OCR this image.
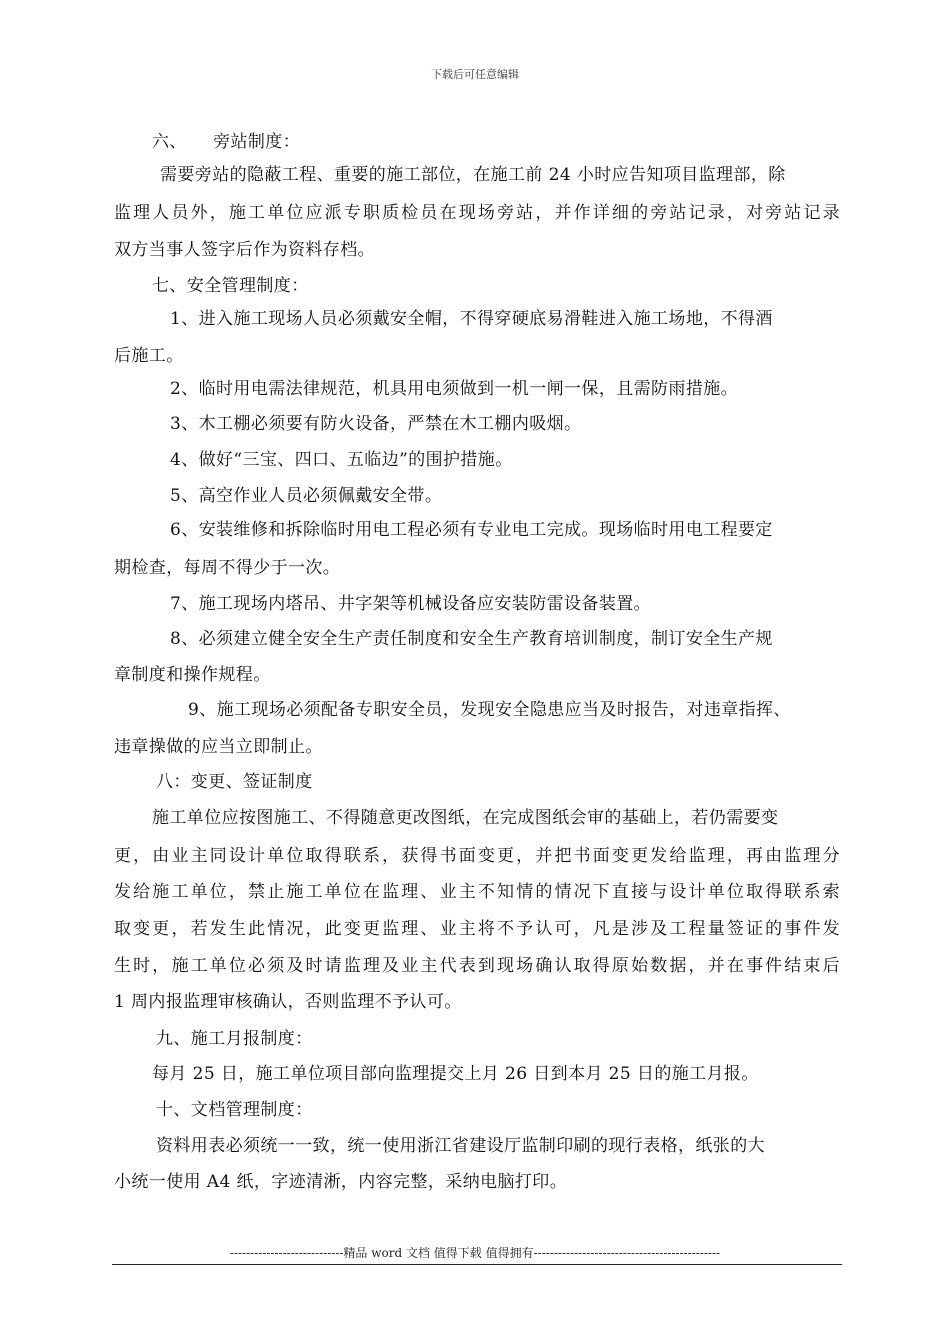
下载后可任意编辑
六、　　旁站制度：
需要旁站的隐蔽工程、重要的施工部位，在施工前 24 小时应告知项目监理部，除
监理人员外，施工单位应派专职质检员在现场旁站，并作详细的旁站记录，对旁站记录
双方当事人签字后作为资料存档。
七、安全管理制度：
1、进入施工现场人员必须戴安全帽，不得穿硬底易滑鞋进入施工场地，不得酒
后施工。
2、临时用电需法律规范，机具用电须做到一机一闸一保，且需防雨措施。
3、木工棚必须要有防火设备，严禁在木工棚内吸烟。
4、做好“三宝、四口、五临边”的围护措施。
5、高空作业人员必须佩戴安全带。
6、安装维修和拆除临时用电工程必须有专业电工完成。现场临时用电工程要定
期检查，每周不得少于一次。
7、施工现场内塔吊、井字架等机械设备应安装防雷设备装置。
8、必须建立健全安全生产责任制度和安全生产教育培训制度，制订安全生产规
章制度和操作规程。
9、施工现场必须配备专职安全员，发现安全隐患应当及时报告，对违章指挥、
违章操做的应当立即制止。
八：变更、签证制度
施工单位应按图施工、不得随意更改图纸，在完成图纸会审的基础上，若仍需要变
更，由业主同设计单位取得联系，获得书面变更，并把书面变更发给监理，再由监理分
发给施工单位，禁止施工单位在监理、业主不知情的情况下直接与设计单位取得联系索
取变更，若发生此情况，此变更监理、业主将不予认可，凡是涉及工程量签证的事件发
生时，施工单位必须及时请监理及业主代表到现场确认取得原始数据，并在事件结束后
1 周内报监理审核确认，否则监理不予认可。
九、施工月报制度：
每月 25 日，施工单位项目部向监理提交上月 26 日到本月 25 日的施工月报。
十、文档管理制度：
资料用表必须统一一致，统一使用浙江省建设厅监制印刷的现行表格，纸张的大
小统一使用 A4 纸，字迹清淅，内容完整，采纳电脑打印。
----------------------------精品 word 文档 值得下载 值得拥有----------------------------------------------
